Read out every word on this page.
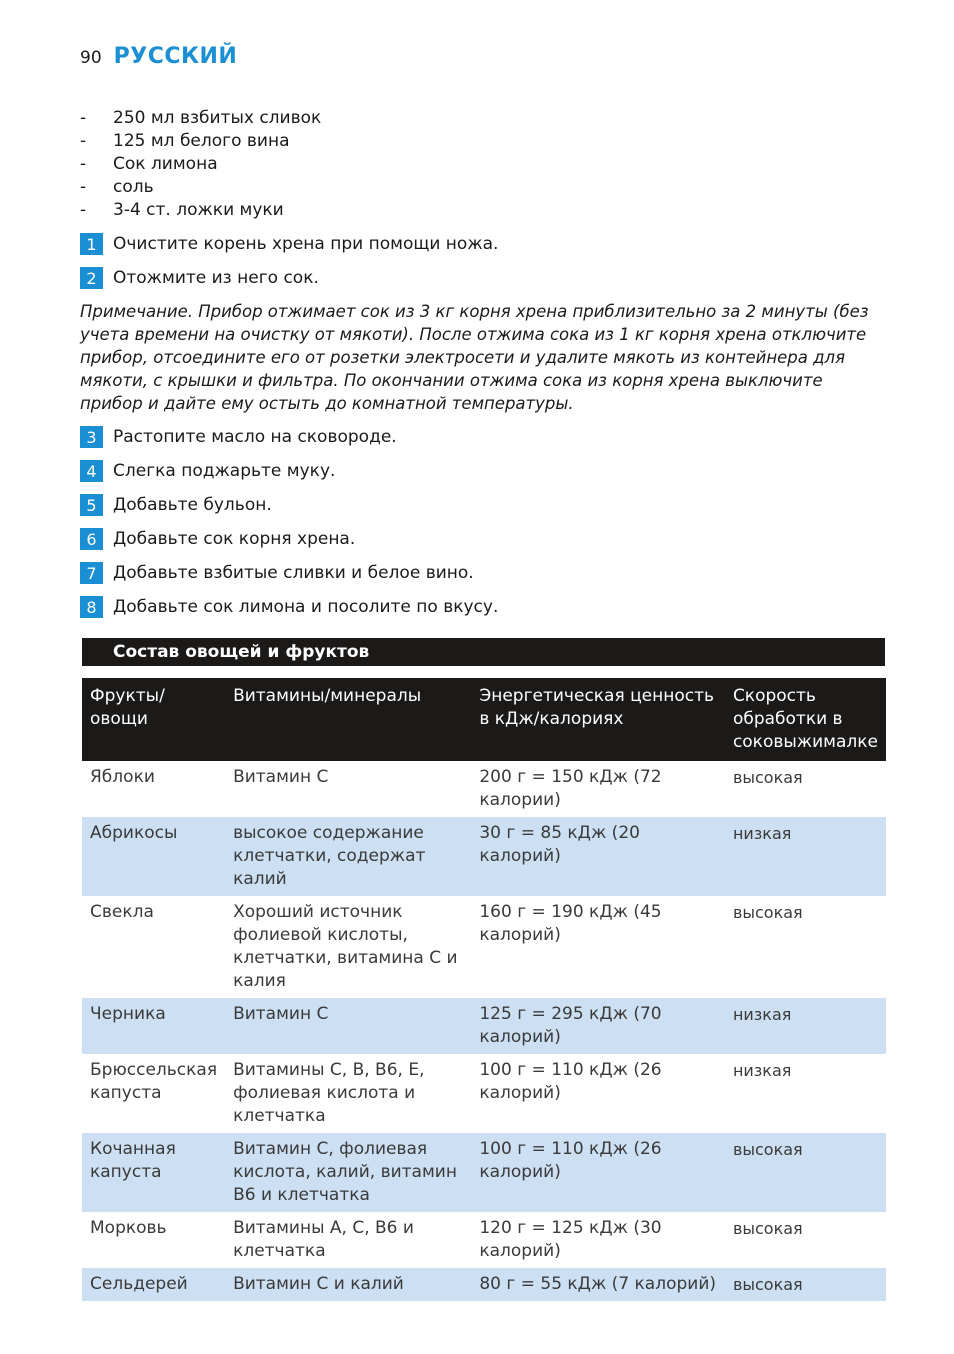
90 РУССКИЙ
-	250 мл взбитых сливок
-	125 мл белого вина
-	Сок лимона
-	соль
-	3-4 ст. ложки муки
1 Очистите корень хрена при помощи ножа.
2 Отожмите из него сок.

Примечание. Прибор отжимает сок из 3 кг корня хрена приблизительно за 2 минуты (без учета времени на очистку от мякоти). После отжима сока из 1 кг корня хрена отключите прибор, отсоедините его от розетки электросети и удалите мякоть из контейнера для мякоти, с крышки и фильтра. По окончании отжима сока из корня хрена выключите прибор и дайте ему остыть до комнатной температуры.

3 Растопите масло на сковороде.
4 Слегка поджарьте муку.
5 Добавьте бульон.
6 Добавьте сок корня хрена.
7 Добавьте взбитые сливки и белое вино.
8 Добавьте сок лимона и посолите по вкусу.
Состав овощей и фруктов
Фрукты/ овощи	Витамины/минералы	Энергетическая ценность в кДж/калориях	Скорость обработки в соковыжималке
Яблоки	Витамин C	200 г = 150 кДж (72 калории)	высокая
Абрикосы	высокое содержание клетчатки, содержат калий	30 г = 85 кДж (20 калорий)	низкая
Свекла	Хороший источник фолиевой кислоты, клетчатки, витамина С и калия	160 г = 190 кДж (45 калорий)	высокая
Черника	Витамин С	125 г = 295 кДж (70 калорий)	низкая
Брюссельская капуста	Витамины С, В, В6, Е, фолиевая кислота и клетчатка	100 г = 110 кДж (26 калорий)	низкая
Кочанная капуста	Витамин С, фолиевая кислота, калий, витамин В6 и клетчатка	100 г = 110 кДж (26 калорий)	высокая
Морковь	Витамины A, С, В6 и клетчатка	120 г = 125 кДж (30 калорий)	высокая
Сельдерей	Витамин C и калий	80 г = 55 кДж (7 калорий)	высокая
